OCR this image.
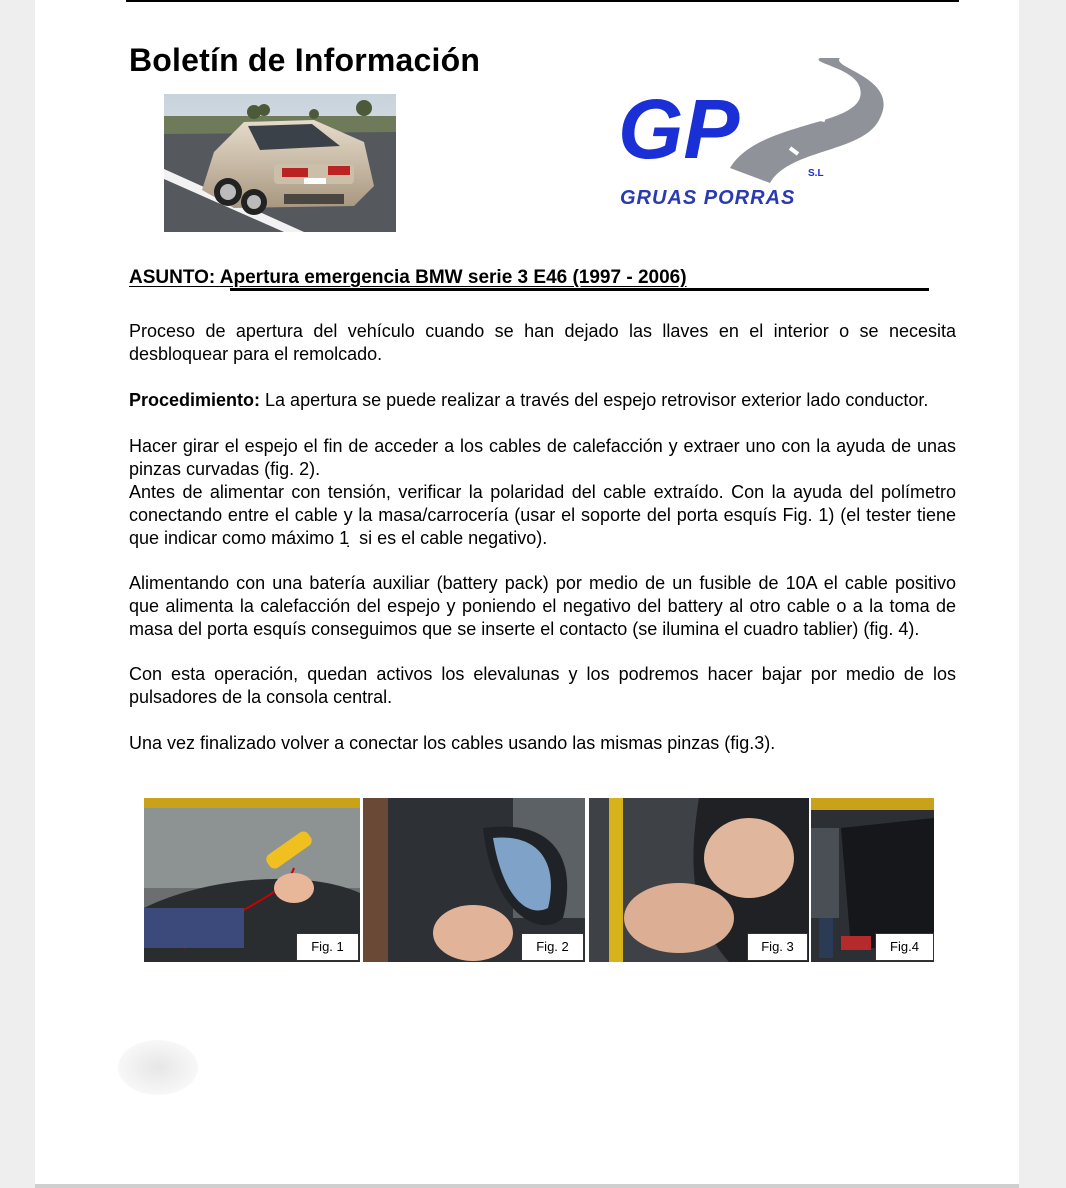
Boletín de Información
GP	S.L
GRUAS PORRAS
ASUNTO: Apertura emergencia BMW serie 3 E46 (1997 - 2006)

Proceso de apertura del vehículo cuando se han dejado las llaves en el interior o se necesita desbloquear para el remolcado.

Procedimiento: La apertura se puede realizar a través del espejo retrovisor exterior lado conductor.

Hacer girar el espejo el fin de acceder a los cables de calefacción y extraer uno con la ayuda de unas pinzas curvadas (fig. 2).

Antes de alimentar con tensión, verificar la polaridad del cable extraído. Con la ayuda del polímetro conectando entre el cable y la masa/carrocería (usar el soporte del porta esquís Fig. 1) (el tester tiene que indicar como máximo 1 ̣ si es el cable negativo).

Alimentando con una batería auxiliar (battery pack) por medio de un fusible de 10A el cable positivo que alimenta la calefacción del espejo y poniendo el negativo del battery al otro cable o a la toma de masa del porta esquís conseguimos que se inserte el contacto (se ilumina el cuadro tablier) (fig. 4).

Con esta operación, quedan activos los elevalunas y los podremos hacer bajar por medio de los pulsadores de la consola central.

Una vez finalizado volver a conectar los cables usando las mismas pinzas (fig.3).

Fig. 1	Fig. 2	Fig. 3	Fig.4
